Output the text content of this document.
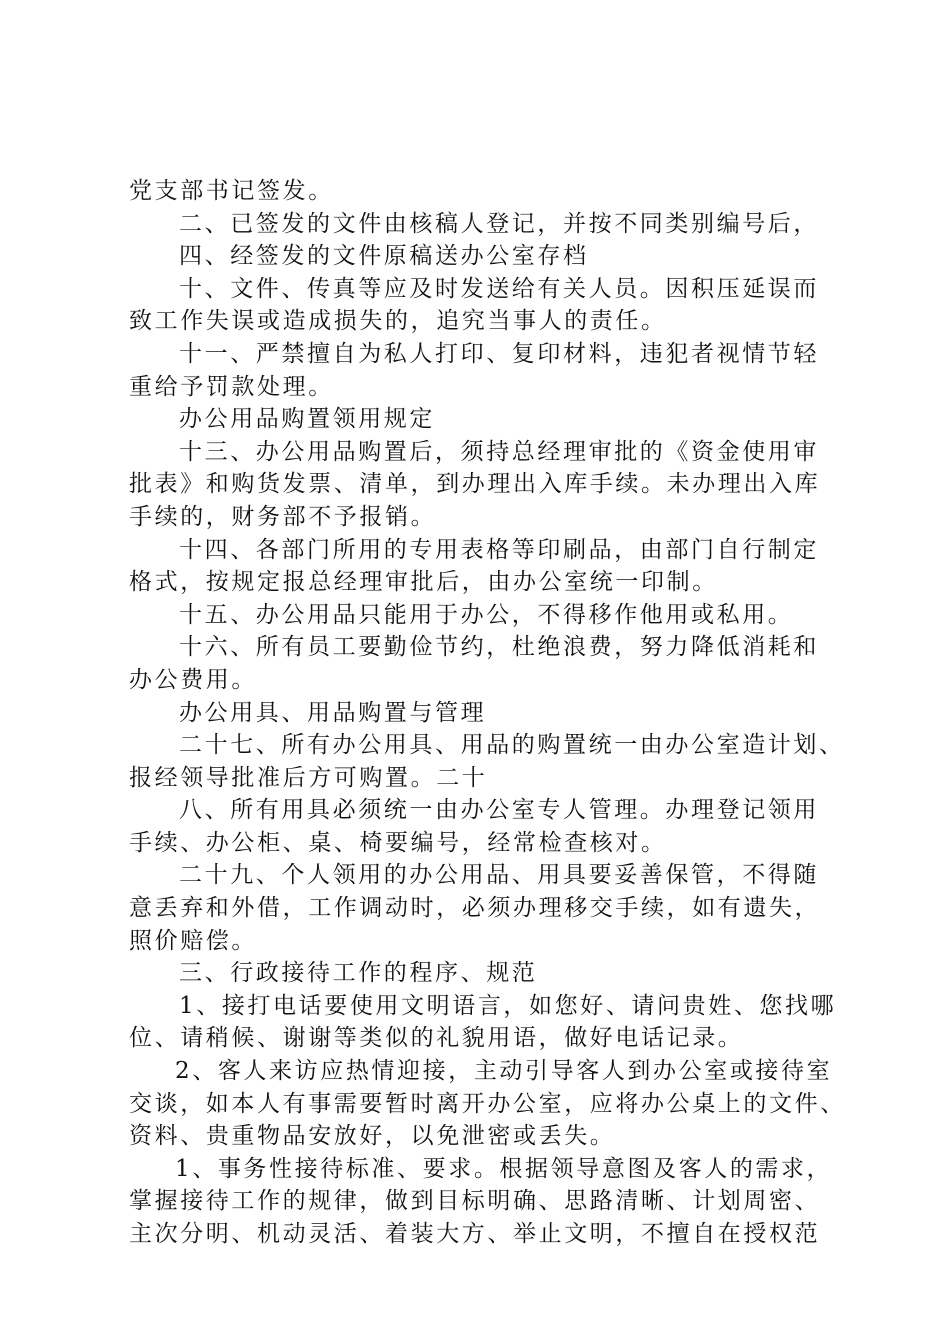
党支部书记签发。
二、已签发的文件由核稿人登记，并按不同类别编号后，
四、经签发的文件原稿送办公室存档
十、文件、传真等应及时发送给有关人员。因积压延误而
致工作失误或造成损失的，追究当事人的责任。
十一、严禁擅自为私人打印、复印材料，违犯者视情节轻
重给予罚款处理。
办公用品购置领用规定
十三、办公用品购置后，须持总经理审批的《资金使用审
批表》和购货发票、清单，到办理出入库手续。未办理出入库
手续的，财务部不予报销。
十四、各部门所用的专用表格等印刷品，由部门自行制定
格式，按规定报总经理审批后，由办公室统一印制。
十五、办公用品只能用于办公，不得移作他用或私用。
十六、所有员工要勤俭节约，杜绝浪费，努力降低消耗和
办公费用。
办公用具、用品购置与管理
二十七、所有办公用具、用品的购置统一由办公室造计划、
报经领导批准后方可购置。二十
八、所有用具必须统一由办公室专人管理。办理登记领用
手续、办公柜、桌、椅要编号，经常检查核对。
二十九、个人领用的办公用品、用具要妥善保管，不得随
意丢弃和外借，工作调动时，必须办理移交手续，如有遗失，
照价赔偿。
三、行政接待工作的程序、规范
1、接打电话要使用文明语言，如您好、请问贵姓、您找哪
位、请稍候、谢谢等类似的礼貌用语，做好电话记录。
2、客人来访应热情迎接，主动引导客人到办公室或接待室
交谈，如本人有事需要暂时离开办公室，应将办公桌上的文件、
资料、贵重物品安放好，以免泄密或丢失。
1、事务性接待标准、要求。根据领导意图及客人的需求，
掌握接待工作的规律，做到目标明确、思路清晰、计划周密、
主次分明、机动灵活、着装大方、举止文明，不擅自在授权范
